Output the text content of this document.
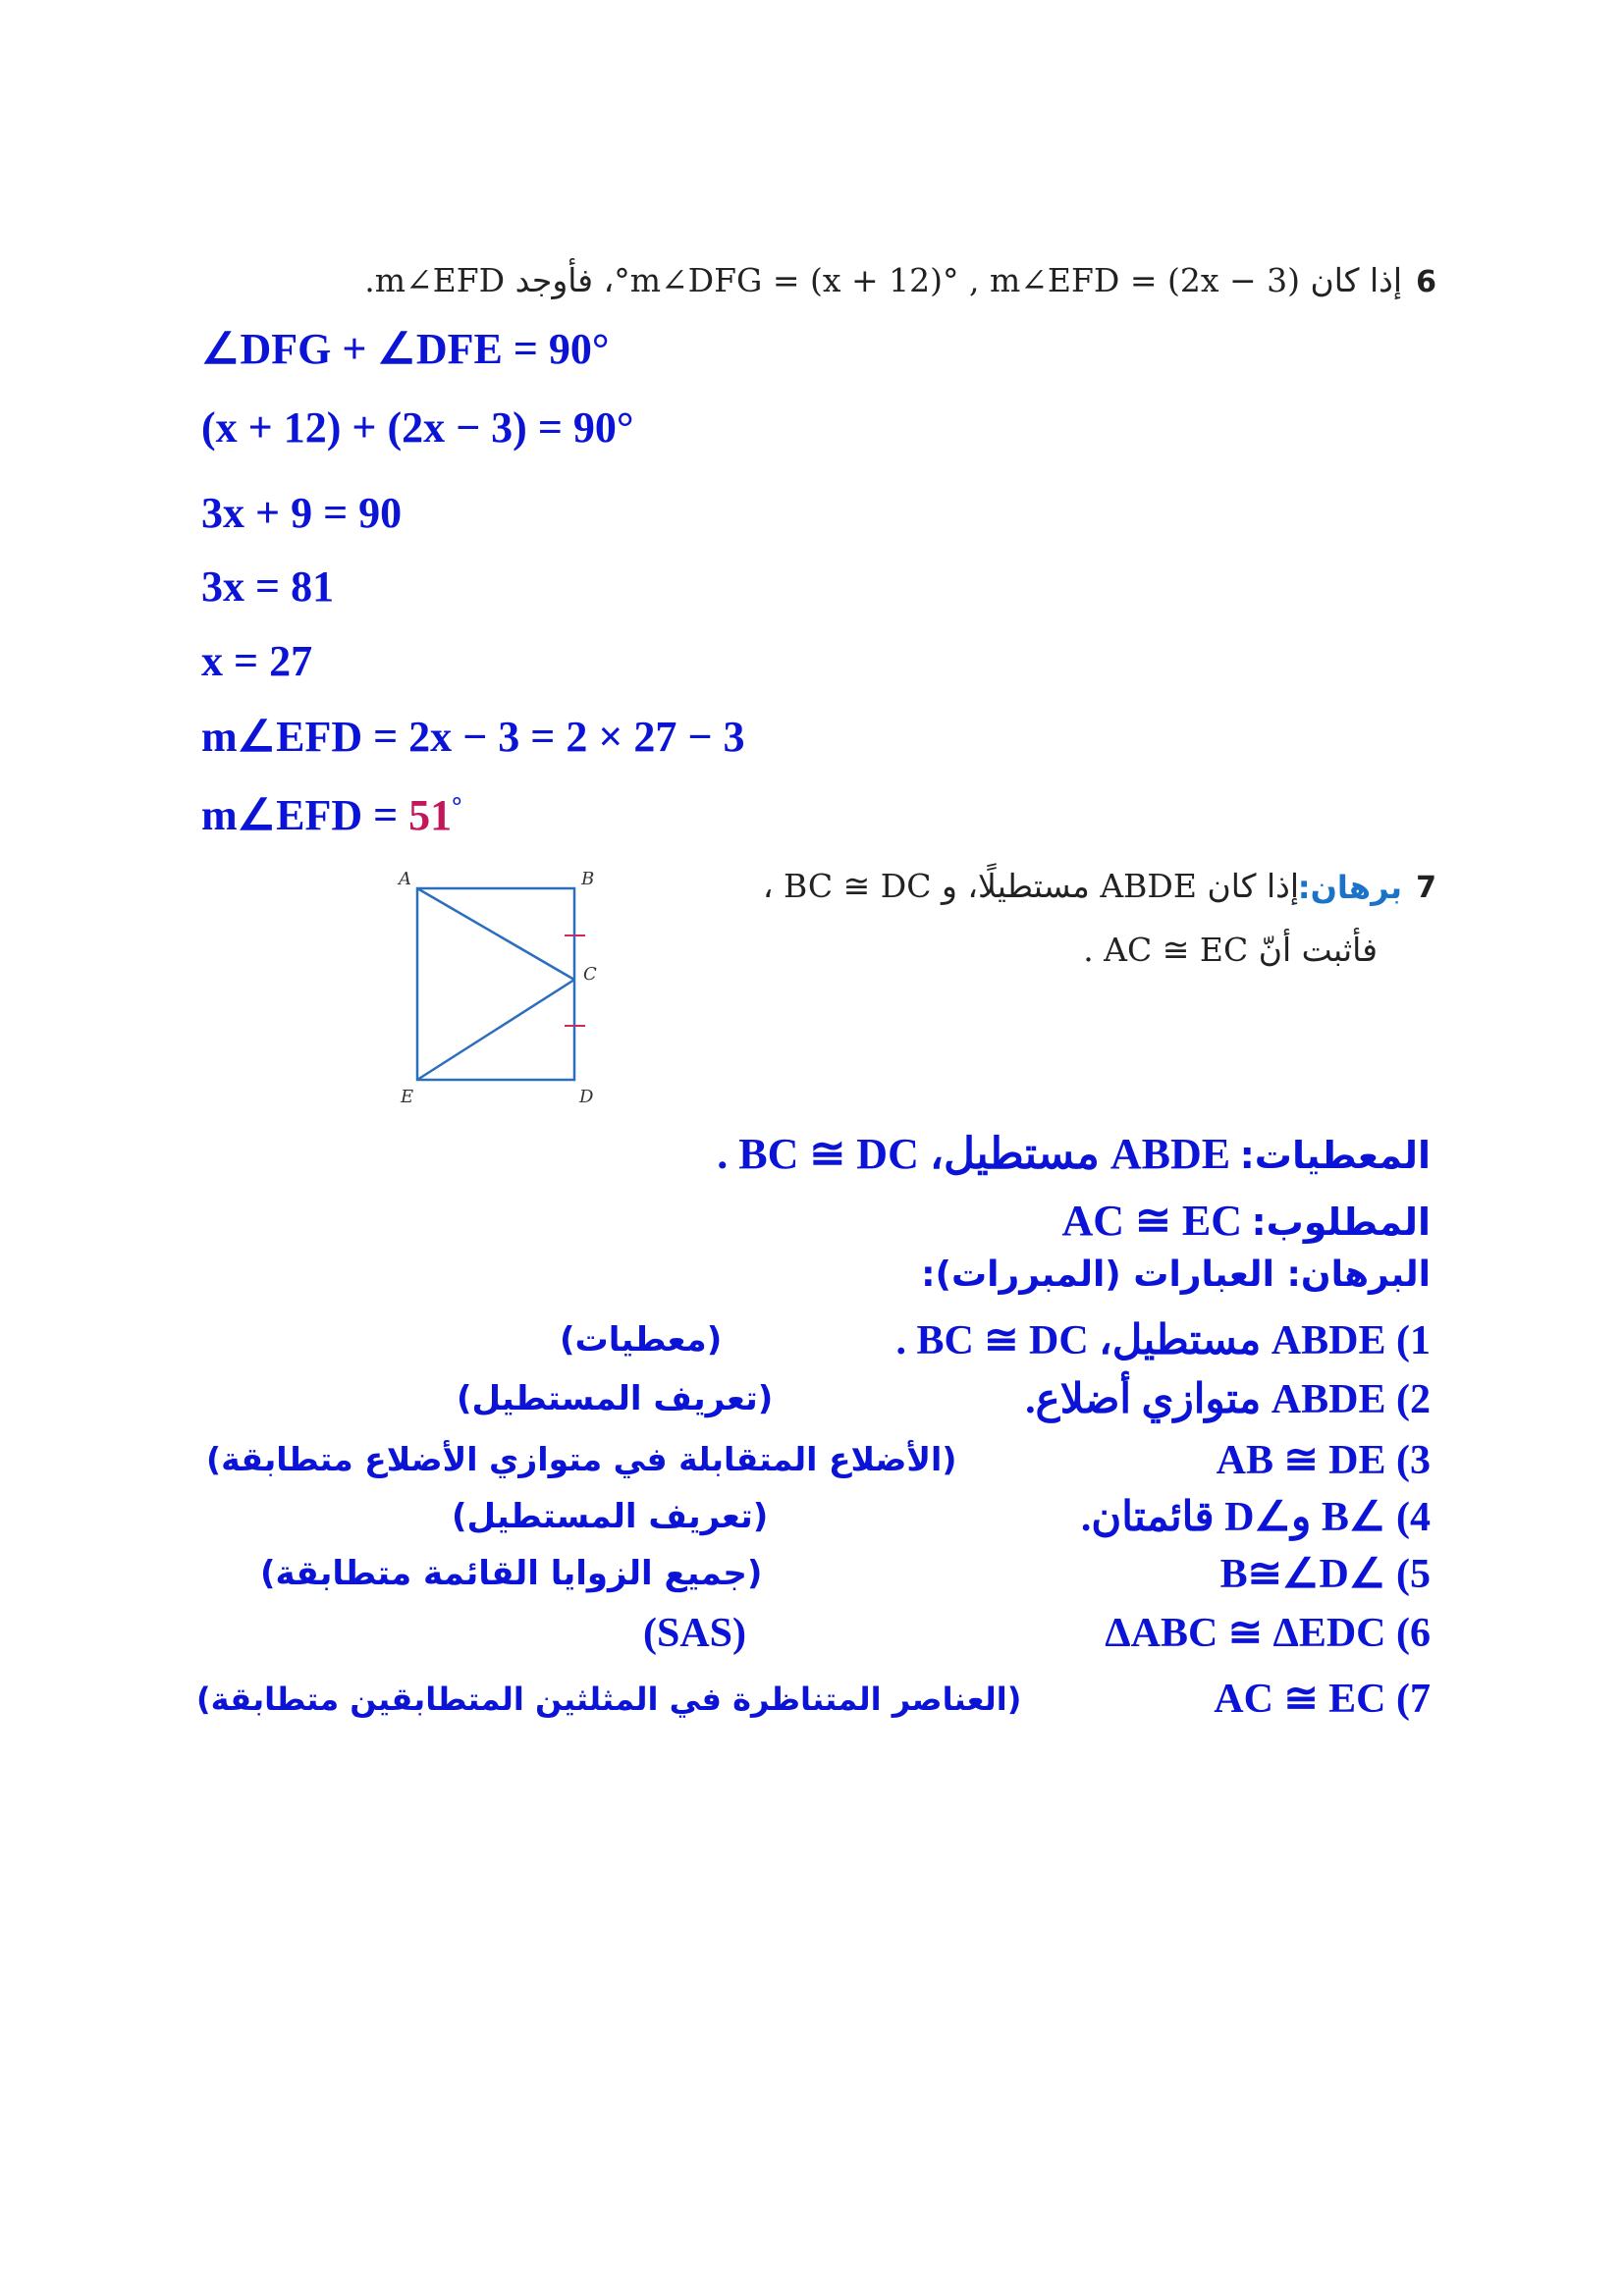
6
إذا كان m∠DFG = (x + 12)° , m∠EFD = (2x − 3)°، فأوجد m∠EFD.
∠DFG + ∠DFE = 90°
(x + 12) + (2x − 3) = 90°
3x + 9 = 90
3x = 81
x = 27
m∠EFD = 2x − 3 = 2 × 27 − 3
m∠EFD = 51°
A	B
C
D
E
7
برهان:
إذا كان ABDE مستطيلًا، و BC ≅ DC ،
فأثبت أنّ AC ≅ EC .
المعطيات: ABDE مستطيل، BC ≅ DC .
المطلوب: AC ≅ EC
البرهان: العبارات (المبررات):
1) ABDE مستطيل، BC ≅ DC .
(معطيات)
2) ABDE متوازي أضلاع.
(تعريف المستطيل)
3) AB ≅ DE
(الأضلاع المتقابلة في متوازي الأضلاع متطابقة)
4) ∠B و∠D قائمتان.
(تعريف المستطيل)
5) ∠B≅∠D
(جميع الزوايا القائمة متطابقة)
6) ΔABC ≅ ΔEDC
(SAS)
7) AC ≅ EC
(العناصر المتناظرة في المثلثين المتطابقين متطابقة)
